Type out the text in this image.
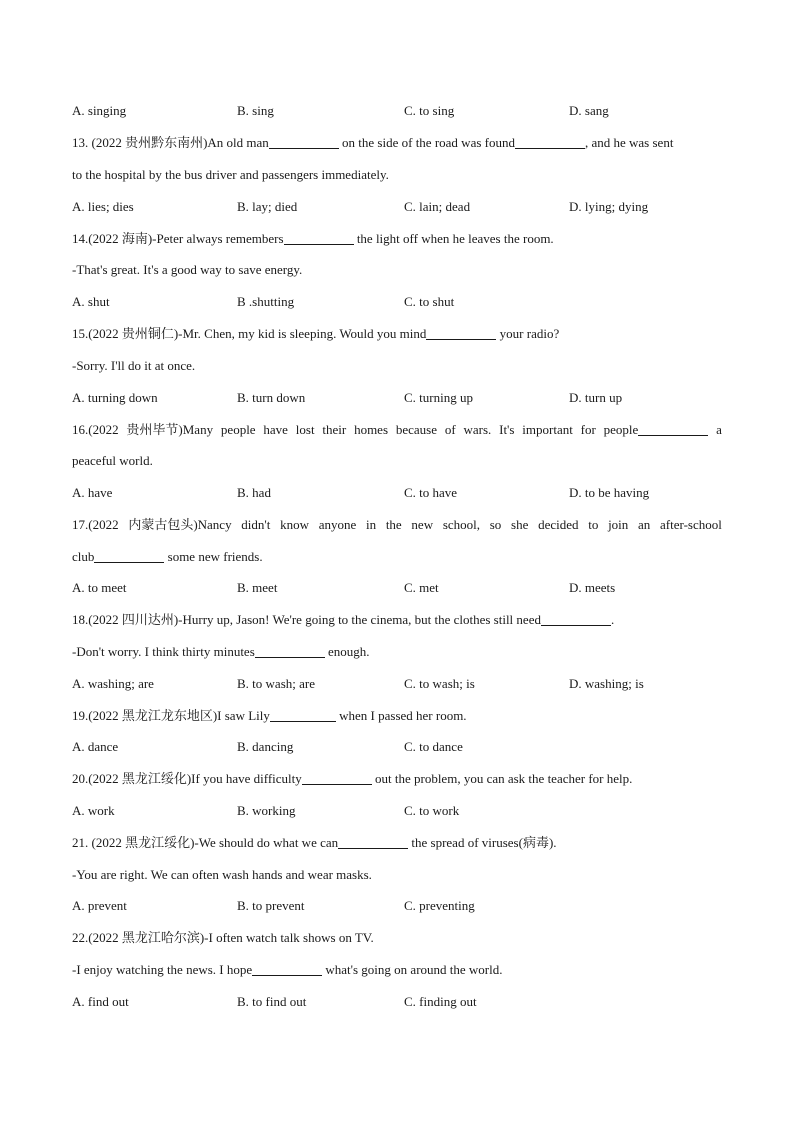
A. singing	B. sing	C. to sing	D. sang
13. (2022 贵州黔东南州)An old man	on the side of the road was found	, and he was sent
to the hospital by the bus driver and passengers immediately.
A. lies; dies	B. lay; died	C. lain; dead	D. lying; dying
14.(2022 海南)-Peter always remembers	the light off when he leaves the room.
-That's great. It's a good way to save energy.
A. shut	B .shutting	C. to shut
15.(2022 贵州铜仁)-Mr. Chen, my kid is sleeping. Would you mind	your radio?
-Sorry. I'll do it at once.
A. turning down	B. turn down	C. turning up	D. turn up
16.(2022 贵州毕节)Many people have lost their homes because of wars. It's important for people	a
peaceful world.
A. have	B. had	C. to have	D. to be having
17.(2022 内蒙古包头)Nancy didn't know anyone in the new school, so she decided to join an after-school
club	some new friends.
A. to meet	B. meet	C. met	D. meets
18.(2022 四川达州)-Hurry up, Jason! We're going to the cinema, but the clothes still need	.
-Don't worry. I think thirty minutes	enough.
A. washing; are	B. to wash; are	C. to wash; is	D. washing; is
19.(2022 黑龙江龙东地区)I saw Lily	when I passed her room.
A. dance	B. dancing	C. to dance
20.(2022 黑龙江绥化)If you have difficulty	out the problem, you can ask the teacher for help.
A. work	B. working	C. to work
21. (2022 黑龙江绥化)-We should do what we can	the spread of viruses(病毒).
-You are right. We can often wash hands and wear masks.
A. prevent	B. to prevent	C. preventing
22.(2022 黑龙江哈尔滨)-I often watch talk shows on TV.
-I enjoy watching the news. I hope	what's going on around the world.
A. find out	B. to find out	C. finding out
